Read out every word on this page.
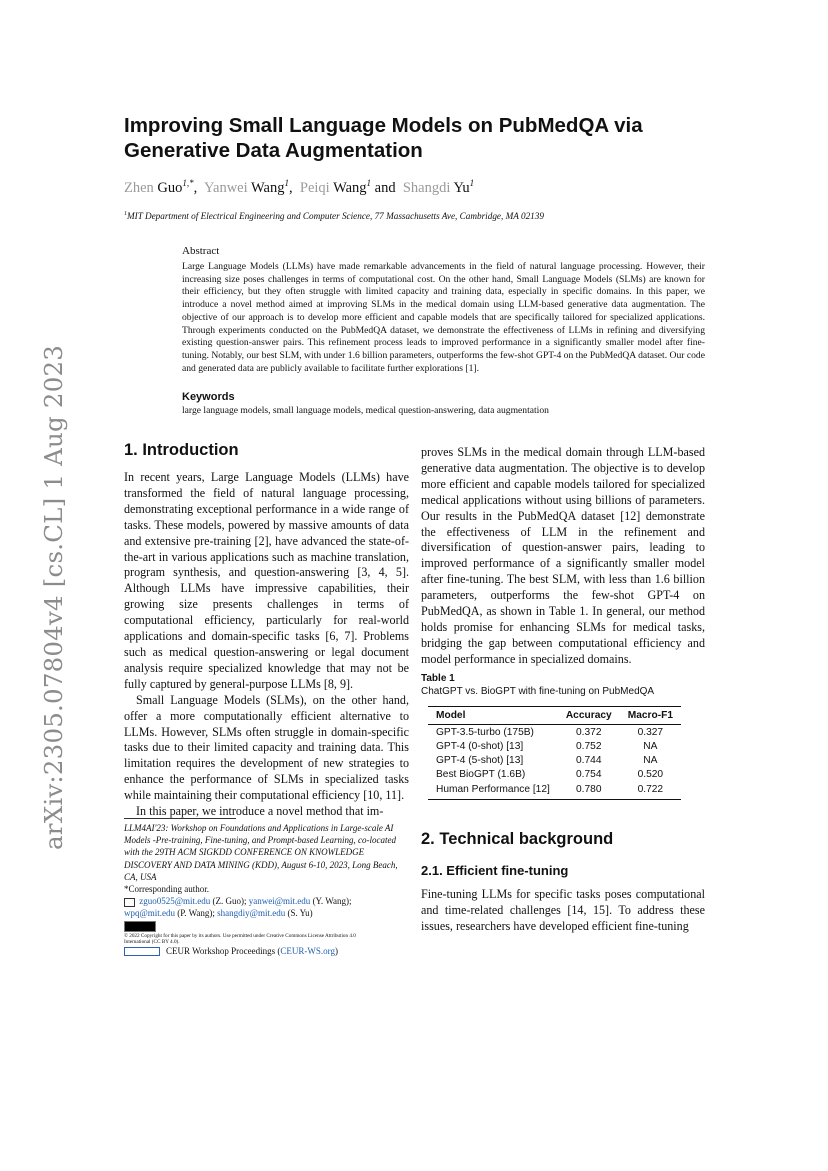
arXiv:2305.07804v4 [cs.CL] 1 Aug 2023
Improving Small Language Models on PubMedQA via Generative Data Augmentation
Zhen Guo$^{1,*}$, Yanwei Wang$^1$, Peiqi Wang$^1$ and Shangdi Yu$^1$
$^1$MIT Department of Electrical Engineering and Computer Science, 77 Massachusetts Ave, Cambridge, MA 02139
Abstract
Large Language Models (LLMs) have made remarkable advancements in the field of natural language processing. However, their increasing size poses challenges in terms of computational cost. On the other hand, Small Language Models (SLMs) are known for their efficiency, but they often struggle with limited capacity and training data, especially in specific domains. In this paper, we introduce a novel method aimed at improving SLMs in the medical domain using LLM-based generative data augmentation. The objective of our approach is to develop more efficient and capable models that are specifically tailored for specialized applications. Through experiments conducted on the PubMedQA dataset, we demonstrate the effectiveness of LLMs in refining and diversifying existing question-answer pairs. This refinement process leads to improved performance in a significantly smaller model after fine-tuning. Notably, our best SLM, with under 1.6 billion parameters, outperforms the few-shot GPT-4 on the PubMedQA dataset. Our code and generated data are publicly available to facilitate further explorations [1].
Keywords
large language models, small language models, medical question-answering, data augmentation
1. Introduction

In recent years, Large Language Models (LLMs) have transformed the field of natural language processing, demonstrating exceptional performance in a wide range of tasks. These models, powered by massive amounts of data and extensive pre-training [2], have advanced the state-of-the-art in various applications such as machine translation, program synthesis, and question-answering [3, 4, 5]. Although LLMs have impressive capabilities, their growing size presents challenges in terms of computational efficiency, particularly for real-world applications and domain-specific tasks [6, 7]. Problems such as medical question-answering or legal document analysis require specialized knowledge that may not be fully captured by general-purpose LLMs [8, 9].

Small Language Models (SLMs), on the other hand, offer a more computationally efficient alternative to LLMs. However, SLMs often struggle in domain-specific tasks due to their limited capacity and training data. This limitation requires the development of new strategies to enhance the performance of SLMs in specialized tasks while maintaining their computational efficiency [10, 11].

In this paper, we introduce a novel method that im-

proves SLMs in the medical domain through LLM-based generative data augmentation. The objective is to develop more efficient and capable models tailored for specialized medical applications without using billions of parameters. Our results in the PubMedQA dataset [12] demonstrate the effectiveness of LLM in the refinement and diversification of question-answer pairs, leading to improved performance of a significantly smaller model after fine-tuning. The best SLM, with less than 1.6 billion parameters, outperforms the few-shot GPT-4 on PubMedQA, as shown in Table 1. In general, our method holds promise for enhancing SLMs for medical tasks, bridging the gap between computational efficiency and model performance in specialized domains.

Table 1
ChatGPT vs. BioGPT with fine-tuning on PubMedQA
Model	Accuracy	Macro-F1
GPT-3.5-turbo (175B)	0.372	0.327
GPT-4 (0-shot) [13]	0.752	NA
GPT-4 (5-shot) [13]	0.744	NA
Best BioGPT (1.6B)	0.754	0.520
Human Performance [12]	0.780	0.722
2. Technical background
2.1. Efficient fine-tuning
Fine-tuning LLMs for specific tasks poses computational and time-related challenges [14, 15]. To address these issues, researchers have developed efficient fine-tuning
LLM4AI'23: Workshop on Foundations and Applications in Large-scale AI Models -Pre-training, Fine-tuning, and Prompt-based Learning, co-located with the 29TH ACM SIGKDD CONFERENCE ON KNOWLEDGE DISCOVERY AND DATA MINING (KDD), August 6-10, 2023, Long Beach, CA, USA
*Corresponding author.
zguo0525@mit.edu (Z. Guo); yanwei@mit.edu (Y. Wang);
wpq@mit.edu (P. Wang); shangdiy@mit.edu (S. Yu)
© 2022 Copyright for this paper by its authors. Use permitted under Creative Commons License Attribution 4.0 International (CC BY 4.0).
CEUR Workshop Proceedings (CEUR-WS.org)
